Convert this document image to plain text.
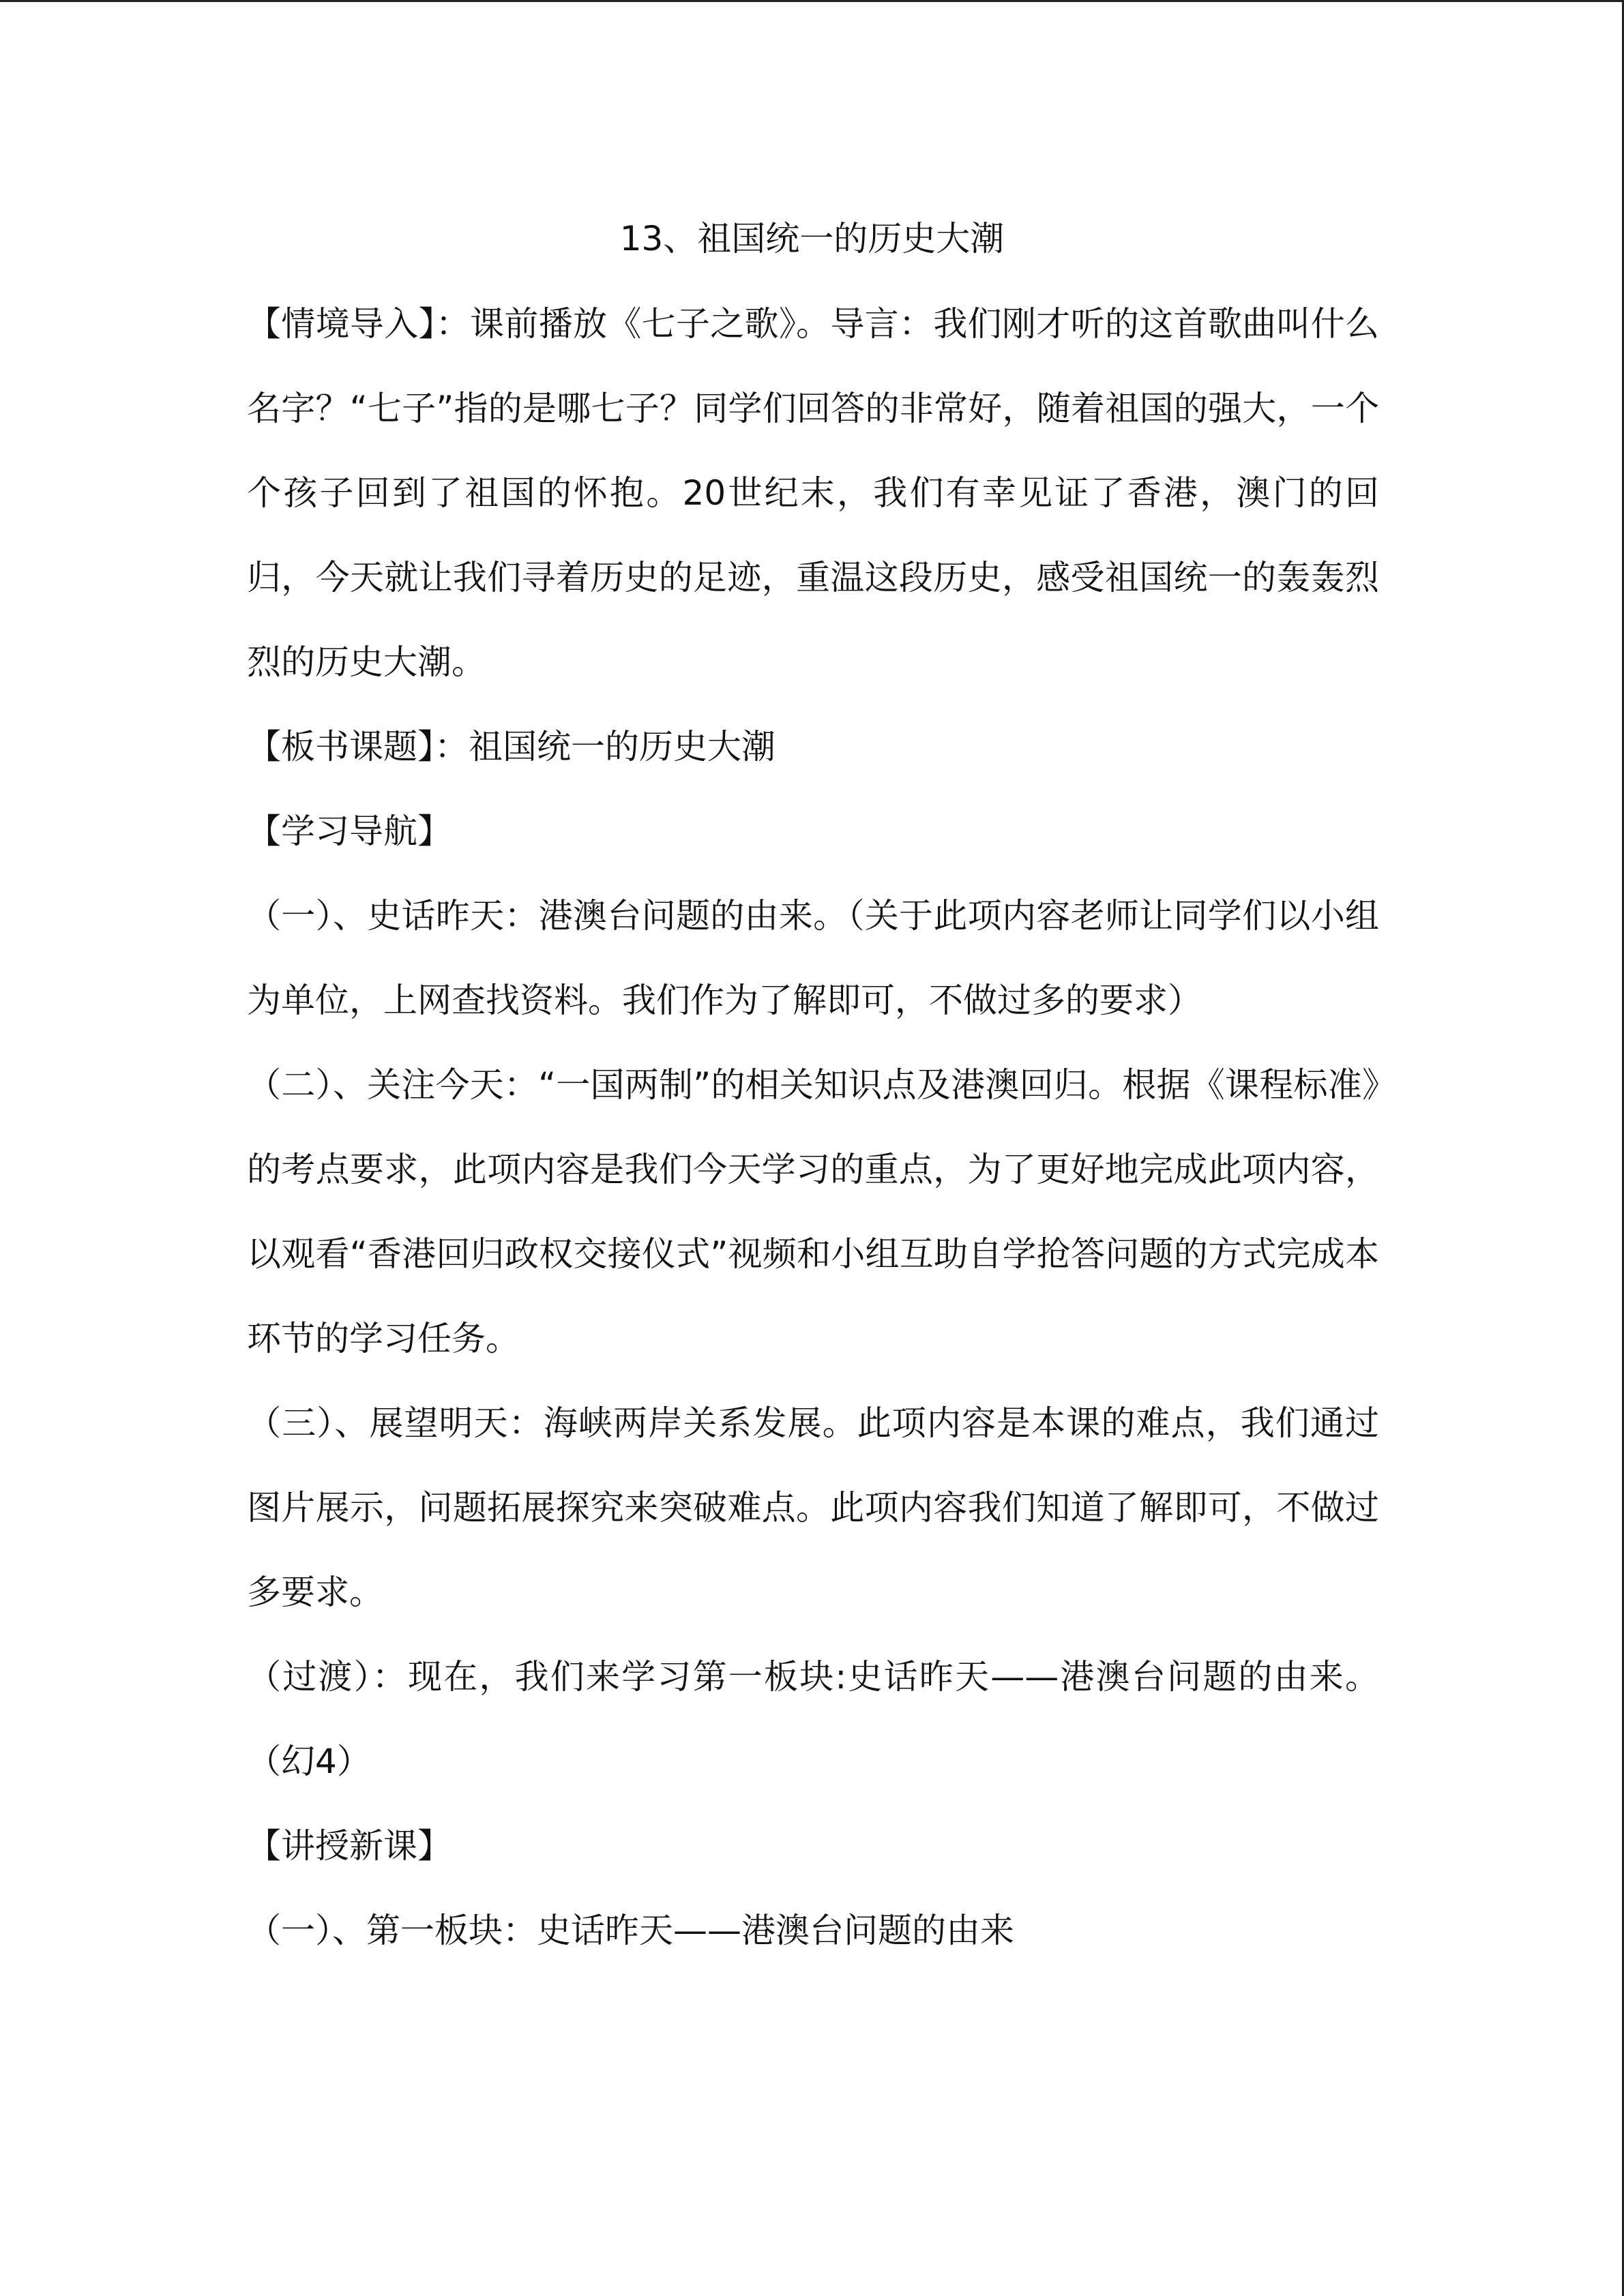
13、祖国统一的历史大潮

【情境导入】：课前播放《七子之歌》。导言：我们刚才听的这首歌曲叫什么名字？“七子”指的是哪七子？同学们回答的非常好，随着祖国的强大，一个个孩子回到了祖国的怀抱。20世纪末，我们有幸见证了香港，澳门的回归，今天就让我们寻着历史的足迹，重温这段历史，感受祖国统一的轰轰烈烈的历史大潮。

【板书课题】：祖国统一的历史大潮

【学习导航】

（一）、史话昨天：港澳台问题的由来。（关于此项内容老师让同学们以小组为单位，上网查找资料。我们作为了解即可，不做过多的要求）

（二）、关注今天：“一国两制”的相关知识点及港澳回归。根据《课程标准》的考点要求，此项内容是我们今天学习的重点，为了更好地完成此项内容，以观看“香港回归政权交接仪式”视频和小组互助自学抢答问题的方式完成本环节的学习任务。

（三）、展望明天：海峡两岸关系发展。此项内容是本课的难点，我们通过图片展示，问题拓展探究来突破难点。此项内容我们知道了解即可，不做过多要求。

（过渡）：现在，我们来学习第一板块:史话昨天——港澳台问题的由来。（幻4）

【讲授新课】

（一）、第一板块：史话昨天——港澳台问题的由来
